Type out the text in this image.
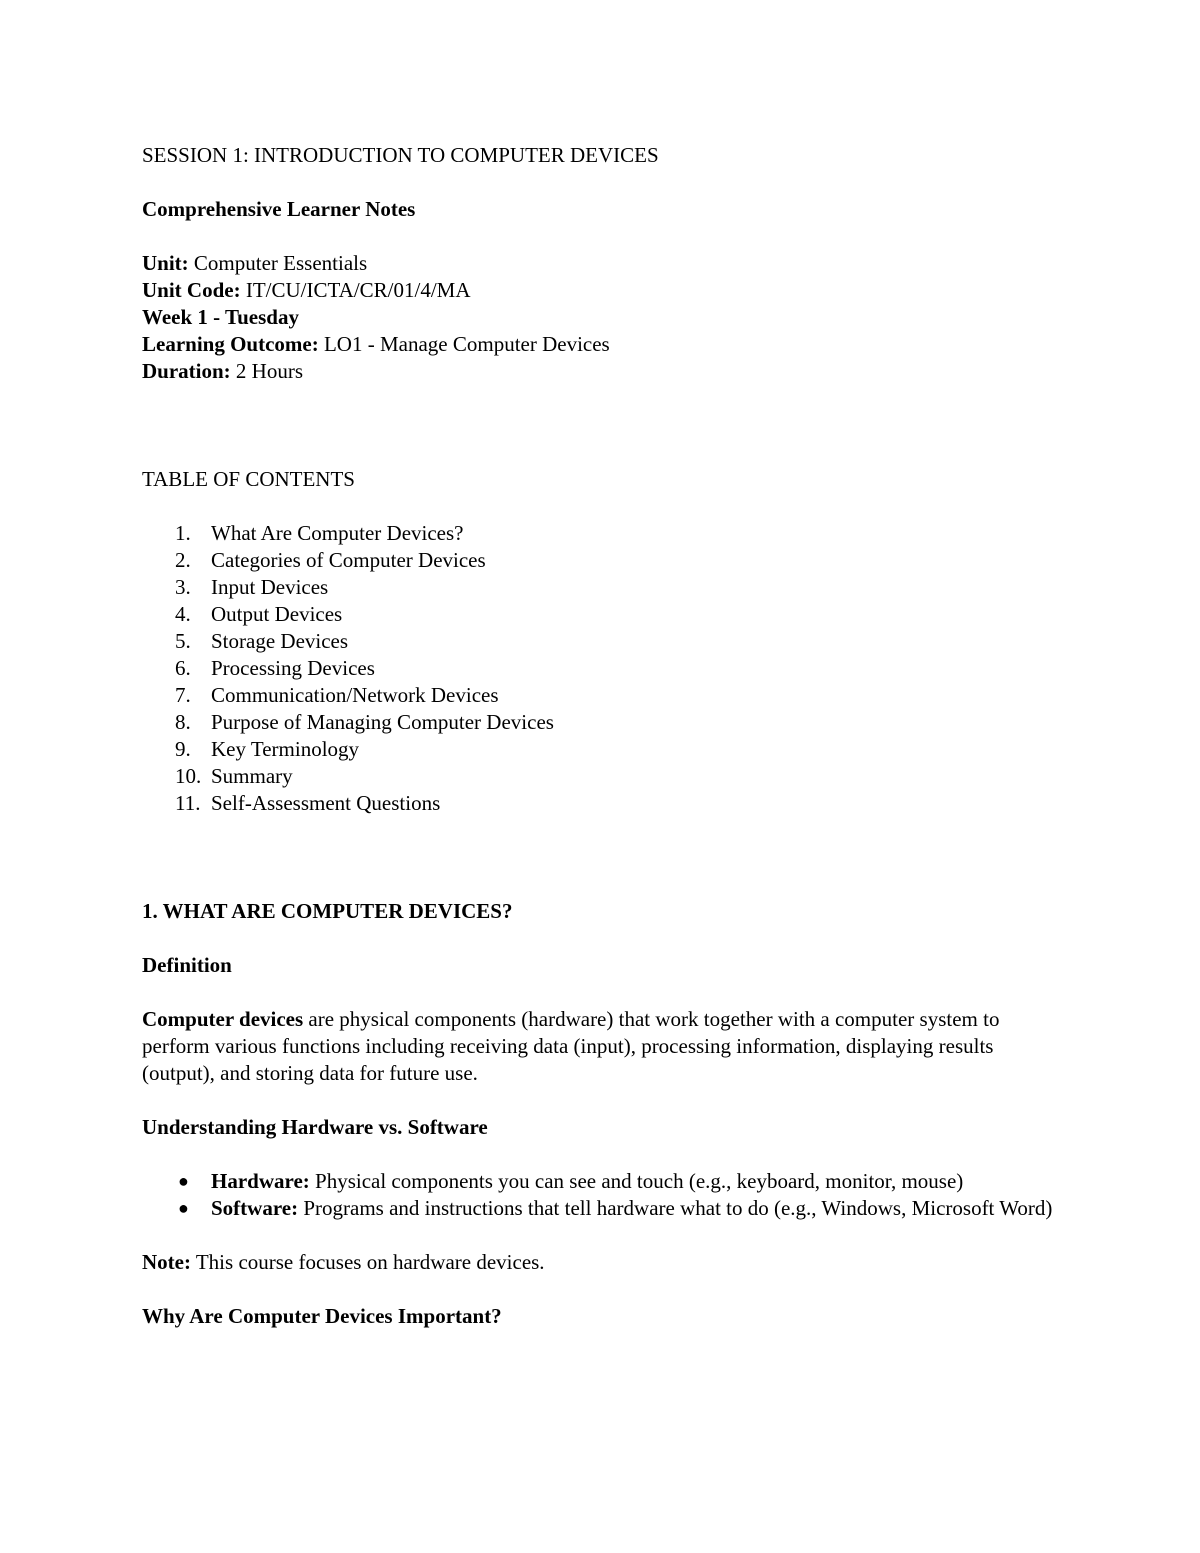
SESSION 1: INTRODUCTION TO COMPUTER DEVICES

Comprehensive Learner Notes

Unit: Computer Essentials

Unit Code: IT/CU/ICTA/CR/01/4/MA

Week 1 - Tuesday

Learning Outcome: LO1 - Manage Computer Devices

Duration: 2 Hours

TABLE OF CONTENTS

1. What Are Computer Devices?
2. Categories of Computer Devices
3. Input Devices
4. Output Devices
5. Storage Devices
6. Processing Devices
7. Communication/Network Devices
8. Purpose of Managing Computer Devices
9. Key Terminology
10. Summary
11. Self-Assessment Questions

1. WHAT ARE COMPUTER DEVICES?

Definition

Computer devices are physical components (hardware) that work together with a computer system to perform various functions including receiving data (input), processing information, displaying results (output), and storing data for future use.

Understanding Hardware vs. Software

● Hardware: Physical components you can see and touch (e.g., keyboard, monitor, mouse)
● Software: Programs and instructions that tell hardware what to do (e.g., Windows, Microsoft Word)

Note: This course focuses on hardware devices.

Why Are Computer Devices Important?
